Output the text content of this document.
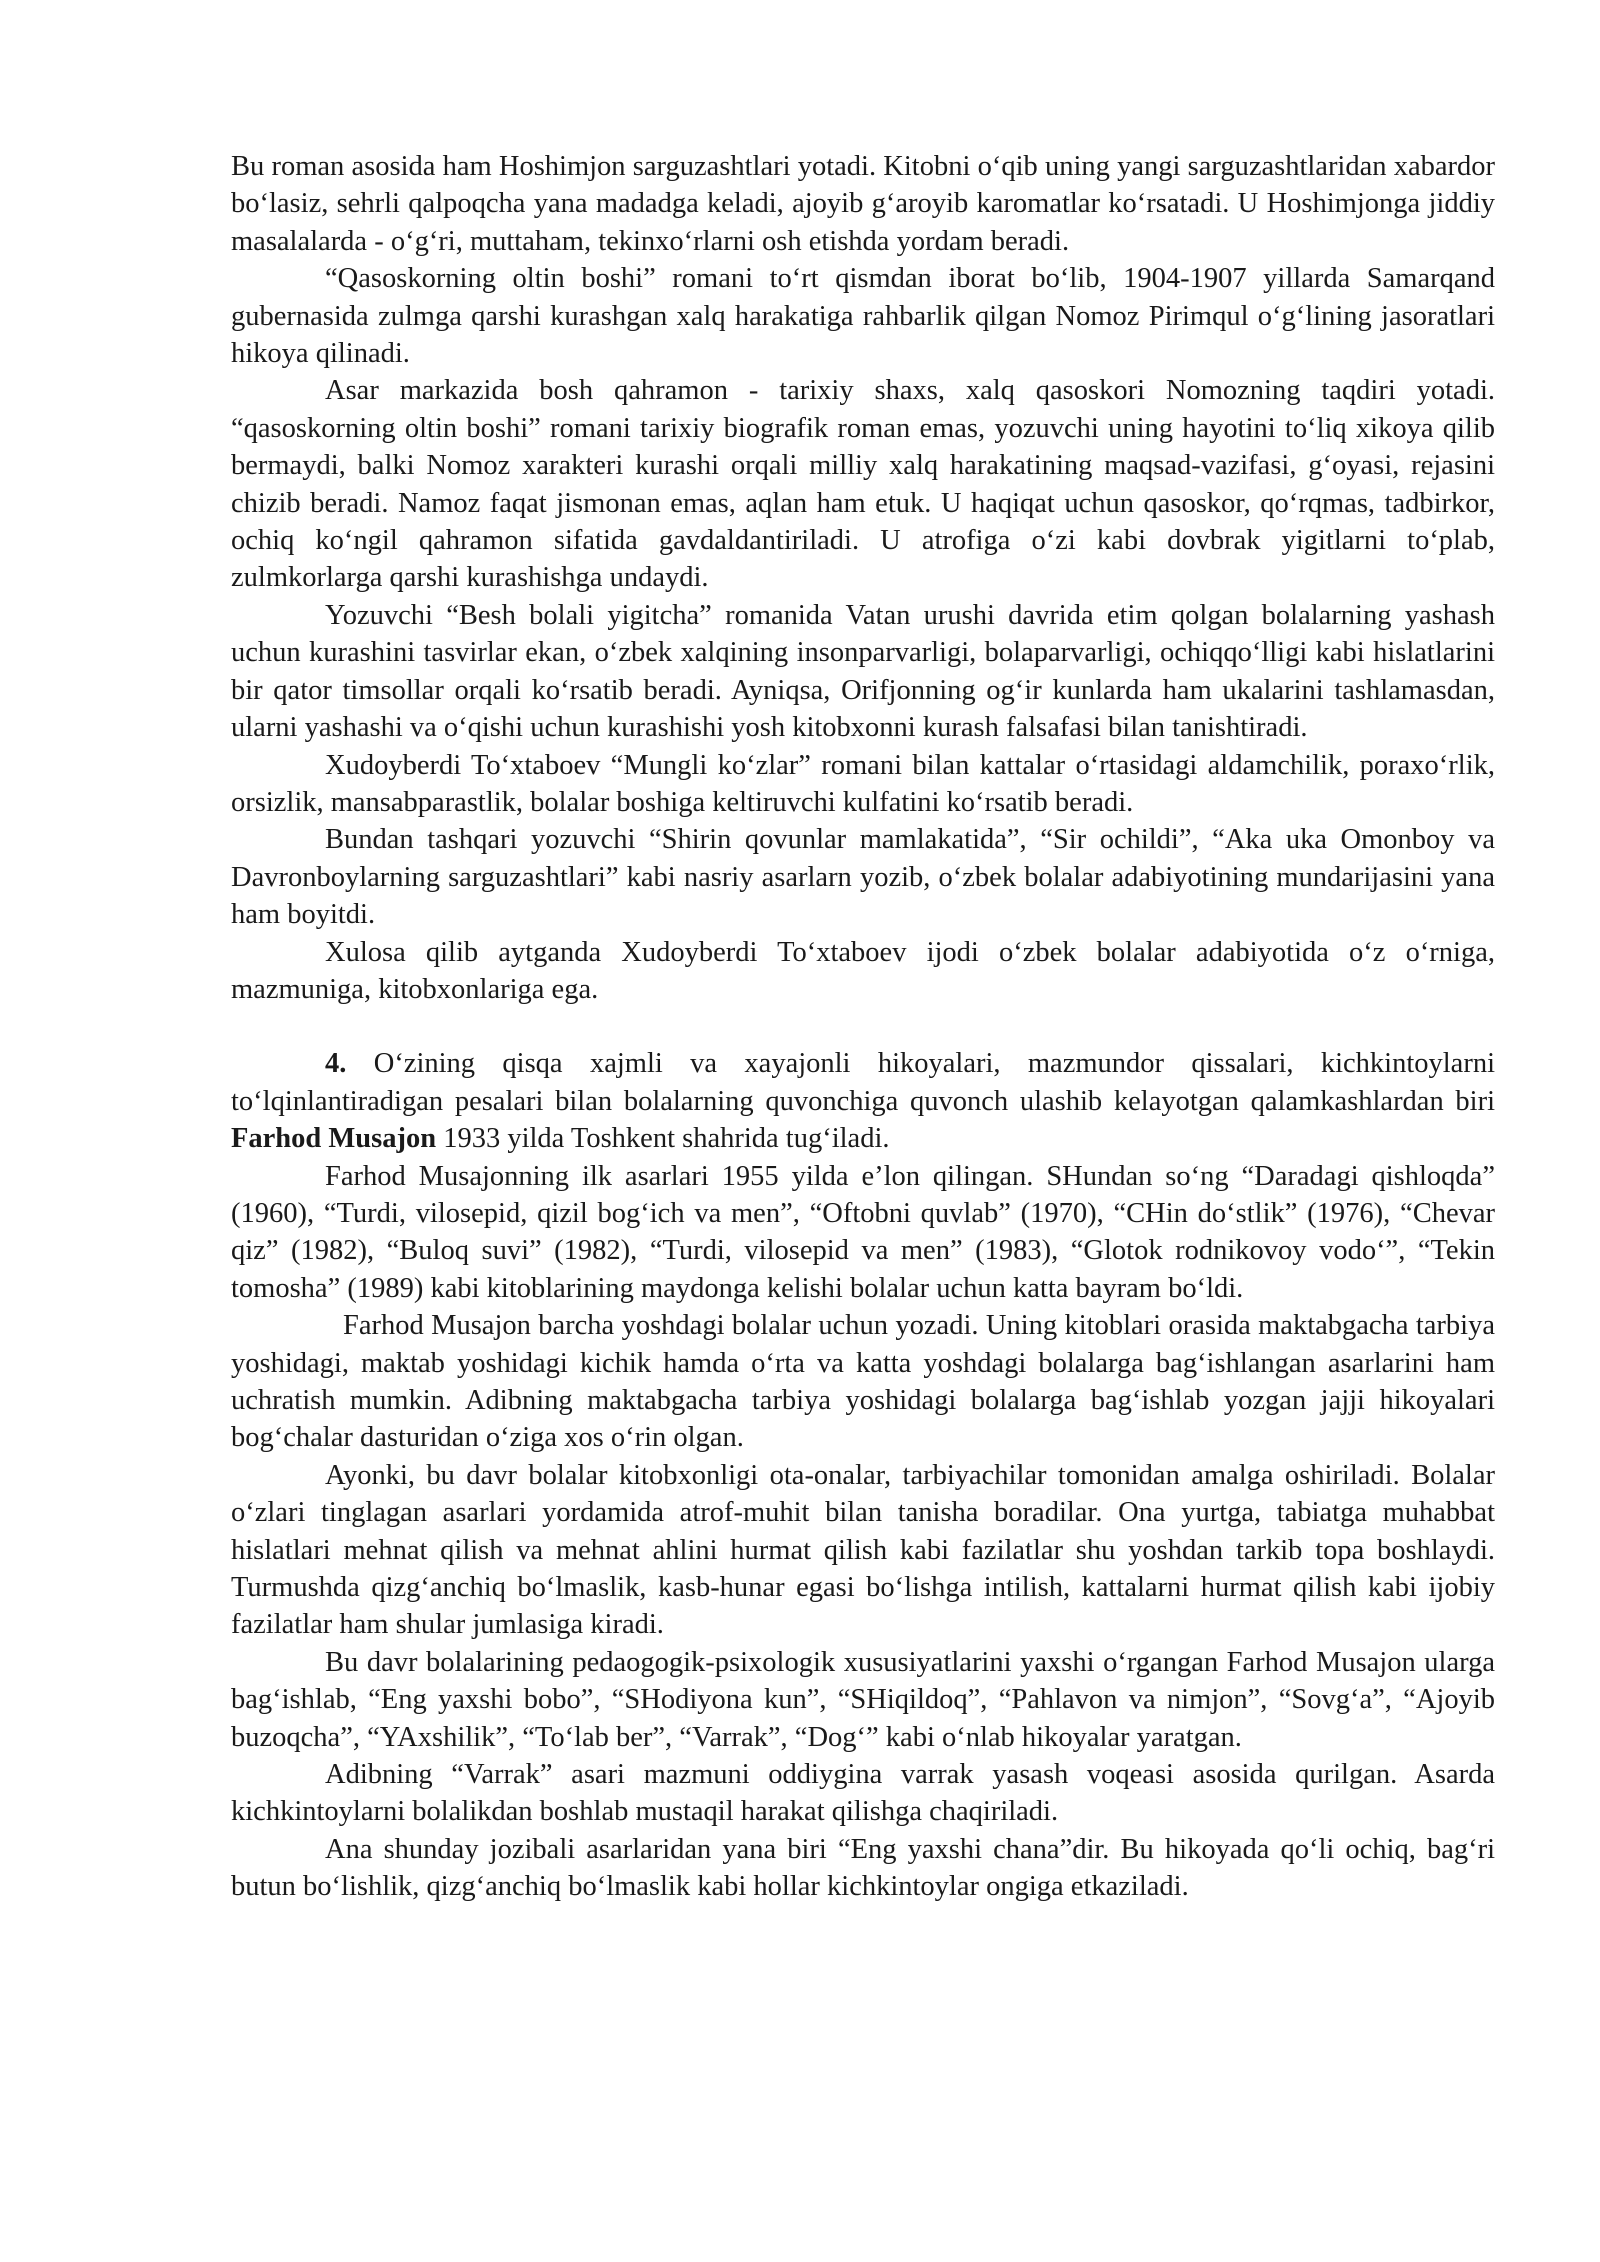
Bu roman asosida ham Hoshimjon sarguzashtlari yotadi. Kitobni o‘qib uning yangi sarguzashtlaridan xabardor bo‘lasiz, sehrli qalpoqcha yana madadga keladi, ajoyib g‘aroyib karomatlar ko‘rsatadi. U Hoshimjonga jiddiy masalalarda - o‘g‘ri, muttaham, tekinxo‘rlarni osh etishda yordam beradi.

“Qasoskorning oltin boshi” romani to‘rt qismdan iborat bo‘lib, 1904-1907 yillarda Samarqand gubernasida zulmga qarshi kurashgan xalq harakatiga rahbarlik qilgan Nomoz Pirimqul o‘g‘lining jasoratlari hikoya qilinadi.

Asar markazida bosh qahramon - tarixiy shaxs, xalq qasoskori Nomozning taqdiri yotadi. “qasoskorning oltin boshi” romani tarixiy biografik roman emas, yozuvchi uning hayotini to‘liq xikoya qilib bermaydi, balki Nomoz xarakteri kurashi orqali milliy xalq harakatining maqsad-vazifasi, g‘oyasi, rejasini chizib beradi. Namoz faqat jismonan emas, aqlan ham etuk. U haqiqat uchun qasoskor, qo‘rqmas, tadbirkor, ochiq ko‘ngil qahramon sifatida gavdaldantiriladi. U atrofiga o‘zi kabi dovbrak yigitlarni to‘plab, zulmkorlarga qarshi kurashishga undaydi.

Yozuvchi “Besh bolali yigitcha” romanida Vatan urushi davrida etim qolgan bolalarning yashash uchun kurashini tasvirlar ekan, o‘zbek xalqining insonparvarligi, bolaparvarligi, ochiqqo‘lligi kabi hislatlarini bir qator timsollar orqali ko‘rsatib beradi. Ayniqsa, Orifjonning og‘ir kunlarda ham ukalarini tashlamasdan, ularni yashashi va o‘qishi uchun kurashishi yosh kitobxonni kurash falsafasi bilan tanishtiradi.

Xudoyberdi To‘xtaboev “Mungli ko‘zlar” romani bilan kattalar o‘rtasidagi aldamchilik, poraxo‘rlik, orsizlik, mansabparastlik, bolalar boshiga keltiruvchi kulfatini ko‘rsatib beradi.

Bundan tashqari yozuvchi “Shirin qovunlar mamlakatida”, “Sir ochildi”, “Aka uka Omonboy va Davronboylarning sarguzashtlari” kabi nasriy asarlarn yozib, o‘zbek bolalar adabiyotining mundarijasini yana ham boyitdi.

Xulosa qilib aytganda Xudoyberdi To‘xtaboev ijodi o‘zbek bolalar adabiyotida o‘z o‘rniga, mazmuniga, kitobxonlariga ega.

4. O‘zining qisqa xajmli va xayajonli hikoyalari, mazmundor qissalari, kichkintoylarni to‘lqinlantiradigan pesalari bilan bolalarning quvonchiga quvonch ulashib kelayotgan qalamkashlardan biri Farhod Musajon 1933 yilda Toshkent shahrida tug‘iladi.

Farhod Musajonning ilk asarlari 1955 yilda e’lon qilingan. SHundan so‘ng “Daradagi qishloqda” (1960), “Turdi, vilosepid, qizil bog‘ich va men”, “Oftobni quvlab” (1970), “CHin do‘stlik” (1976), “Chevar qiz” (1982), “Buloq suvi” (1982), “Turdi, vilosepid va men” (1983), “Glotok rodnikovoy vodo‘”, “Tekin tomosha” (1989) kabi kitoblarining maydonga kelishi bolalar uchun katta bayram bo‘ldi.

Farhod Musajon barcha yoshdagi bolalar uchun yozadi. Uning kitoblari orasida maktabgacha tarbiya yoshidagi, maktab yoshidagi kichik hamda o‘rta va katta yoshdagi bolalarga bag‘ishlangan asarlarini ham uchratish mumkin. Adibning maktabgacha tarbiya yoshidagi bolalarga bag‘ishlab yozgan jajji hikoyalari bog‘chalar dasturidan o‘ziga xos o‘rin olgan.

Ayonki, bu davr bolalar kitobxonligi ota-onalar, tarbiyachilar tomonidan amalga oshiriladi. Bolalar o‘zlari tinglagan asarlari yordamida atrof-muhit bilan tanisha boradilar. Ona yurtga, tabiatga muhabbat hislatlari mehnat qilish va mehnat ahlini hurmat qilish kabi fazilatlar shu yoshdan tarkib topa boshlaydi. Turmushda qizg‘anchiq bo‘lmaslik, kasb-hunar egasi bo‘lishga intilish, kattalarni hurmat qilish kabi ijobiy fazilatlar ham shular jumlasiga kiradi.

Bu davr bolalarining pedaogogik-psixologik xususiyatlarini yaxshi o‘rgangan Farhod Musajon ularga bag‘ishlab, “Eng yaxshi bobo”, “SHodiyona kun”, “SHiqildoq”, “Pahlavon va nimjon”, “Sovg‘a”, “Ajoyib buzoqcha”, “YAxshilik”, “To‘lab ber”, “Varrak”, “Dog‘” kabi o‘nlab hikoyalar yaratgan.

Adibning “Varrak” asari mazmuni oddiygina varrak yasash voqeasi asosida qurilgan. Asarda kichkintoylarni bolalikdan boshlab mustaqil harakat qilishga chaqiriladi.

Ana shunday jozibali asarlaridan yana biri “Eng yaxshi chana”dir. Bu hikoyada qo‘li ochiq, bag‘ri butun bo‘lishlik, qizg‘anchiq bo‘lmaslik kabi hollar kichkintoylar ongiga etkaziladi.
